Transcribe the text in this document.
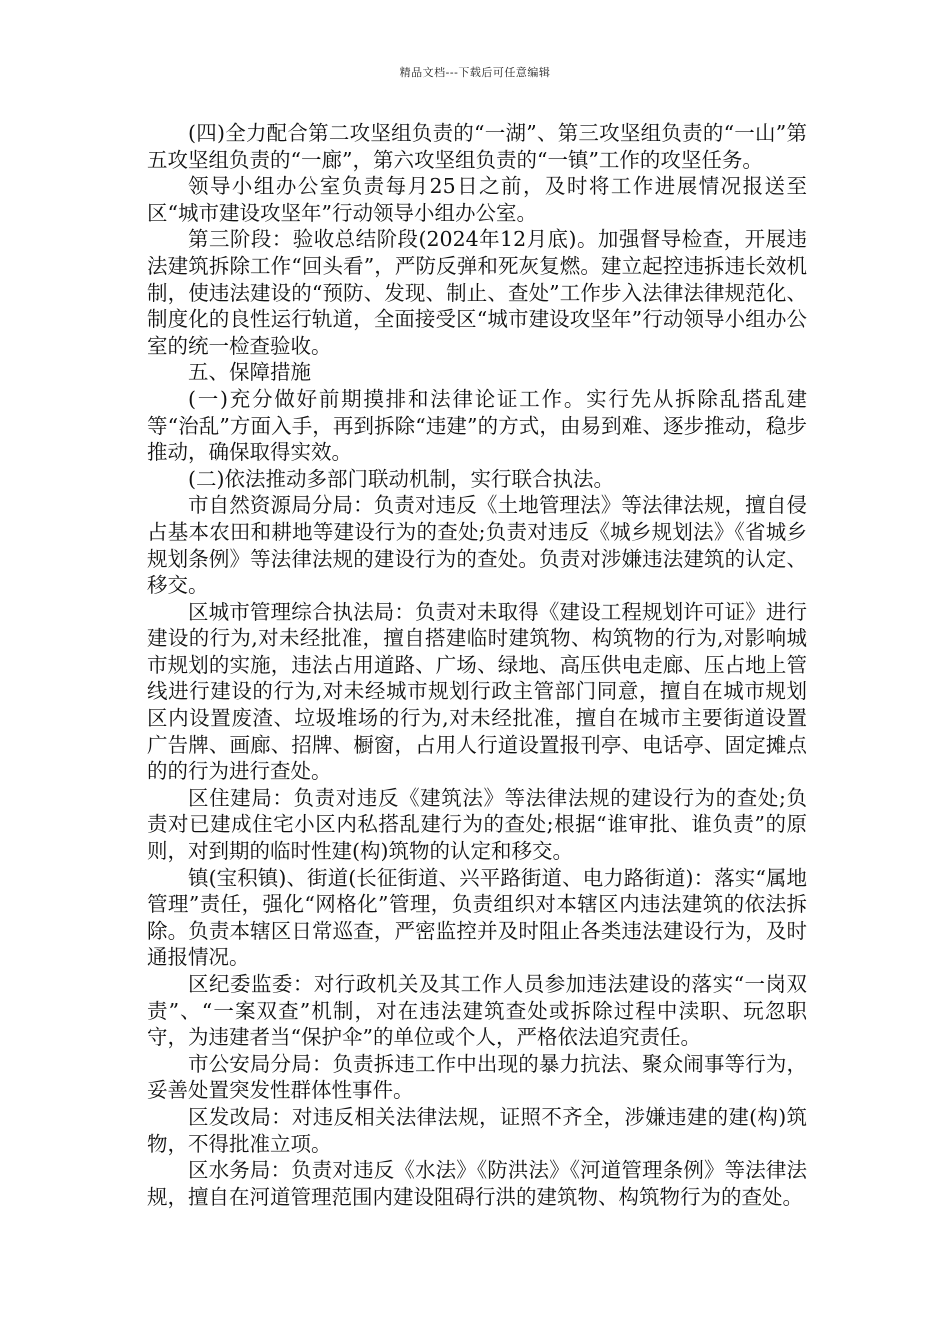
精品文档---下载后可任意编辑

(四)全力配合第二攻坚组负责的“一湖”、第三攻坚组负责的“一山”第五攻坚组负责的“一廊”，第六攻坚组负责的“一镇”工作的攻坚任务。

领导小组办公室负责每月25日之前，及时将工作进展情况报送至区“城市建设攻坚年”行动领导小组办公室。

第三阶段：验收总结阶段(2024年12月底)。加强督导检查，开展违法建筑拆除工作“回头看”，严防反弹和死灰复燃。建立起控违拆违长效机制，使违法建设的“预防、发现、制止、查处”工作步入法律法律规范化、制度化的良性运行轨道，全面接受区“城市建设攻坚年”行动领导小组办公室的统一检查验收。

五、保障措施

(一)充分做好前期摸排和法律论证工作。实行先从拆除乱搭乱建等“治乱”方面入手，再到拆除“违建”的方式，由易到难、逐步推动，稳步推动，确保取得实效。

(二)依法推动多部门联动机制，实行联合执法。

市自然资源局分局：负责对违反《土地管理法》等法律法规，擅自侵占基本农田和耕地等建设行为的查处;负责对违反《城乡规划法》《省城乡规划条例》等法律法规的建设行为的查处。负责对涉嫌违法建筑的认定、移交。

区城市管理综合执法局：负责对未取得《建设工程规划许可证》进行建设的行为,对未经批准，擅自搭建临时建筑物、构筑物的行为,对影响城市规划的实施，违法占用道路、广场、绿地、高压供电走廊、压占地上管线进行建设的行为,对未经城市规划行政主管部门同意，擅自在城市规划区内设置废渣、垃圾堆场的行为,对未经批准，擅自在城市主要街道设置广告牌、画廊、招牌、橱窗，占用人行道设置报刊亭、电话亭、固定摊点的的行为进行查处。

区住建局：负责对违反《建筑法》等法律法规的建设行为的查处;负责对已建成住宅小区内私搭乱建行为的查处;根据“谁审批、谁负责”的原则，对到期的临时性建(构)筑物的认定和移交。

镇(宝积镇)、街道(长征街道、兴平路街道、电力路街道)：落实“属地管理”责任，强化“网格化”管理，负责组织对本辖区内违法建筑的依法拆除。负责本辖区日常巡查，严密监控并及时阻止各类违法建设行为，及时通报情况。

区纪委监委：对行政机关及其工作人员参加违法建设的落实“一岗双责”、“一案双查”机制，对在违法建筑查处或拆除过程中渎职、玩忽职守，为违建者当“保护伞”的单位或个人，严格依法追究责任。

市公安局分局：负责拆违工作中出现的暴力抗法、聚众闹事等行为，妥善处置突发性群体性事件。

区发改局：对违反相关法律法规，证照不齐全，涉嫌违建的建(构)筑物，不得批准立项。

区水务局：负责对违反《水法》《防洪法》《河道管理条例》等法律法规，擅自在河道管理范围内建设阻碍行洪的建筑物、构筑物行为的查处。
